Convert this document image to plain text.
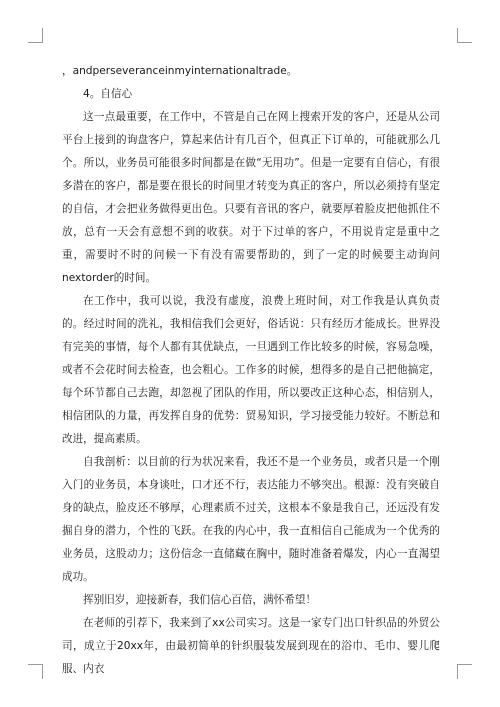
，andperseveranceinmyinternationaltrade。

4。自信心

这一点最重要，在工作中，不管是自己在网上搜索开发的客户，还是从公司平台上接到的询盘客户，算起来估计有几百个，但真正下订单的，可能就那么几个。所以，业务员可能很多时间都是在做“无用功”。但是一定要有自信心，有很多潜在的客户，都是要在很长的时间里才转变为真正的客户，所以必须持有坚定的自信，才会把业务做得更出色。只要有音讯的客户，就要厚着脸皮把他抓住不放，总有一天会有意想不到的收获。对于下过单的客户，不用说肯定是重中之重，需要时不时的问候一下有没有需要帮助的，到了一定的时候要主动询问nextorder的时间。

在工作中，我可以说，我没有虚度，浪费上班时间，对工作我是认真负责的。经过时间的洗礼，我相信我们会更好，俗话说：只有经历才能成长。世界没有完美的事情，每个人都有其优缺点，一旦遇到工作比较多的时候，容易急噪，或者不会花时间去检查，也会粗心。工作多的时候，想得多的是自己把他搞定，每个环节都自己去跑，却忽视了团队的作用，所以要改正这种心态，相信别人，相信团队的力量，再发挥自身的优势：贸易知识，学习接受能力较好。不断总和改进，提高素质。

自我剖析：以目前的行为状况来看，我还不是一个业务员，或者只是一个刚入门的业务员，本身谈吐，口才还不行，表达能力不够突出。根源：没有突破自身的缺点，脸皮还不够厚，心理素质不过关，这根本不象是我自己，还远没有发掘自身的潜力，个性的飞跃。在我的内心中，我一直相信自己能成为一个优秀的业务员，这股动力；这份信念一直储藏在胸中，随时准备着爆发，内心一直渴望成功。

挥别旧岁，迎接新春，我们信心百倍，满怀希望！

在老师的引荐下，我来到了xx公司实习。这是一家专门出口针织品的外贸公司，成立于20xx年，由最初简单的针织服装发展到现在的浴巾、毛巾、婴儿爬服、内衣
